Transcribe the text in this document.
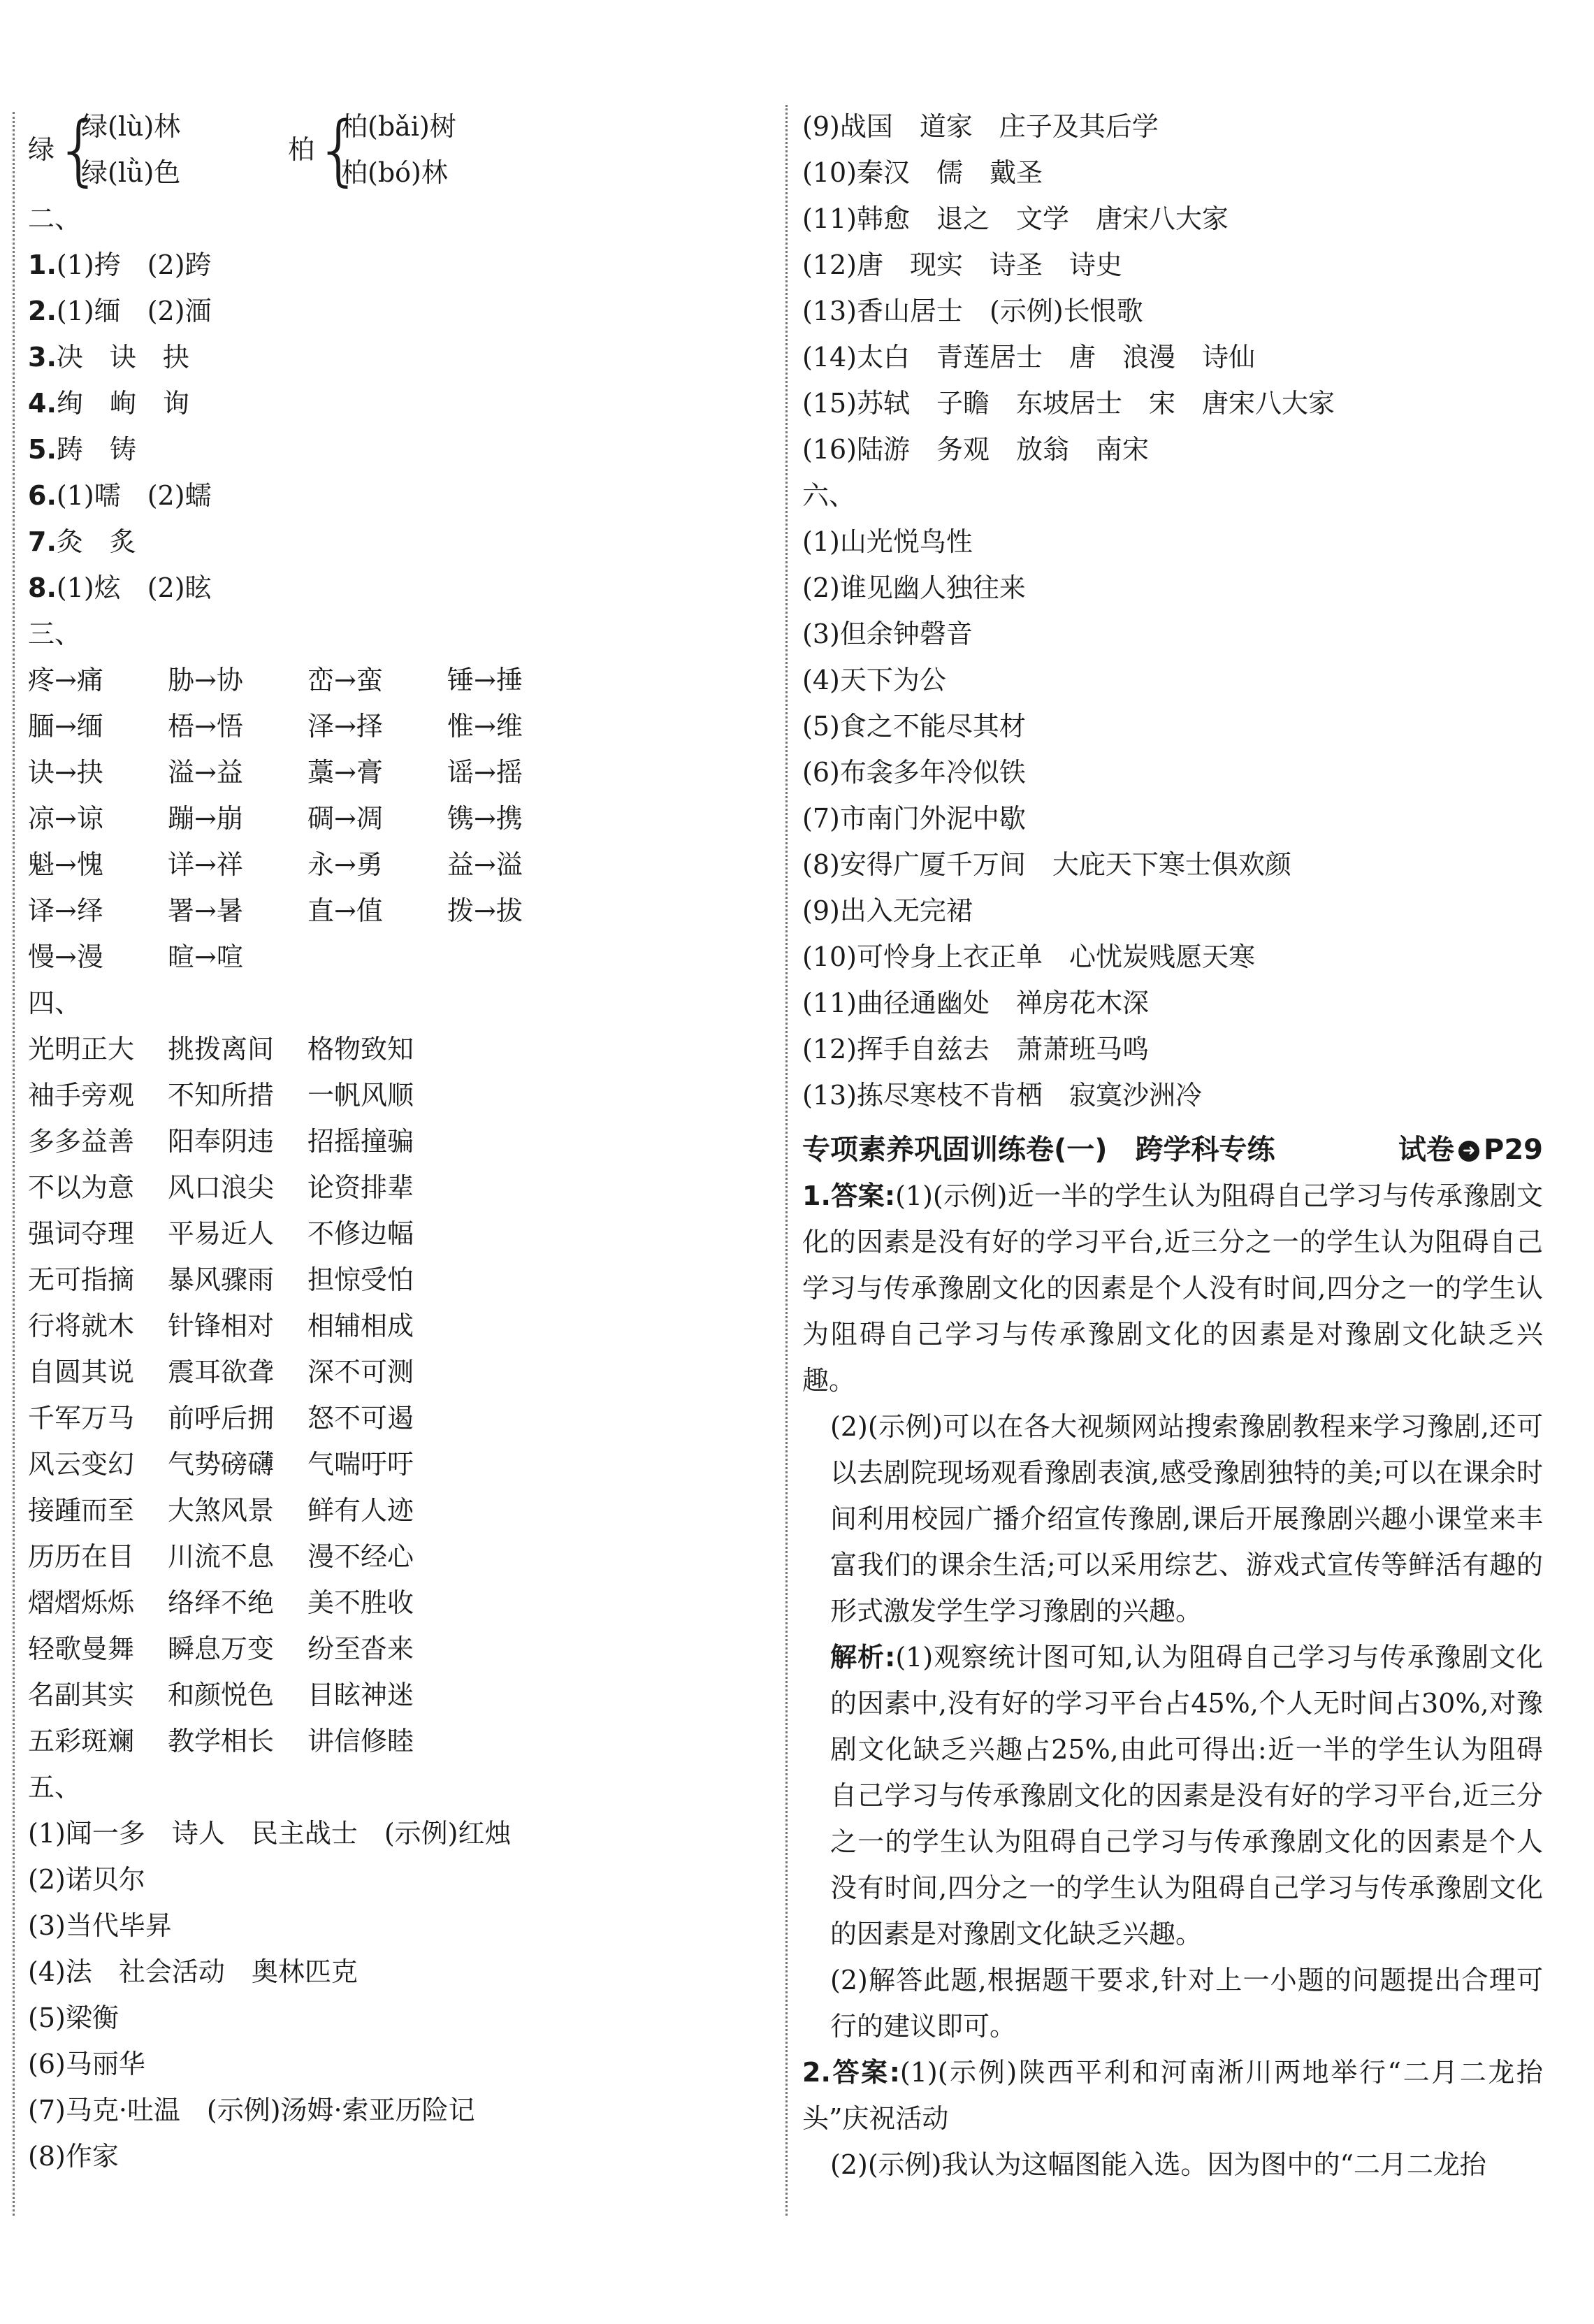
绿 {
绿(lù)林
绿(lǜ)色
柏 {
柏(bǎi)树
柏(bó)林
二、
1.(1)挎　(2)跨
2.(1)缅　(2)湎
3.决　诀　抉
4.绚　峋　询
5.踌　铸
6.(1)嚅　(2)蠕
7.灸　炙
8.(1)炫　(2)眩
三、
疼→痛	胁→协	峦→蛮	锤→捶
腼→缅	梧→悟	泽→择	惟→维
诀→抉	溢→益	藁→膏	谣→摇
凉→谅	蹦→崩	碉→凋	镌→携
魁→愧	详→祥	永→勇	益→溢
译→绎	署→暑	直→值	拨→拔
慢→漫	暄→喧
四、
光明正大	挑拨离间	格物致知
袖手旁观	不知所措	一帆风顺
多多益善	阳奉阴违	招摇撞骗
不以为意	风口浪尖	论资排辈
强词夺理	平易近人	不修边幅
无可指摘	暴风骤雨	担惊受怕
行将就木	针锋相对	相辅相成
自圆其说	震耳欲聋	深不可测
千军万马	前呼后拥	怒不可遏
风云变幻	气势磅礴	气喘吁吁
接踵而至	大煞风景	鲜有人迹
历历在目	川流不息	漫不经心
熠熠烁烁	络绎不绝	美不胜收
轻歌曼舞	瞬息万变	纷至沓来
名副其实	和颜悦色	目眩神迷
五彩斑斓	教学相长	讲信修睦
五、
(1)闻一多　诗人　民主战士　(示例)红烛
(2)诺贝尔
(3)当代毕昇
(4)法　社会活动　奥林匹克
(5)梁衡
(6)马丽华
(7)马克·吐温　(示例)汤姆·索亚历险记
(8)作家
(9)战国　道家　庄子及其后学
(10)秦汉　儒　戴圣
(11)韩愈　退之　文学　唐宋八大家
(12)唐　现实　诗圣　诗史
(13)香山居士　(示例)长恨歌
(14)太白　青莲居士　唐　浪漫　诗仙
(15)苏轼　子瞻　东坡居士　宋　唐宋八大家
(16)陆游　务观　放翁　南宋
六、
(1)山光悦鸟性
(2)谁见幽人独往来
(3)但余钟磬音
(4)天下为公
(5)食之不能尽其材
(6)布衾多年冷似铁
(7)市南门外泥中歇
(8)安得广厦千万间　大庇天下寒士俱欢颜
(9)出入无完裙
(10)可怜身上衣正单　心忧炭贱愿天寒
(11)曲径通幽处　禅房花木深
(12)挥手自兹去　萧萧班马鸣
(13)拣尽寒枝不肯栖　寂寞沙洲冷
专项素养巩固训练卷(一)　跨学科专练	试卷 ➜ P29
1.答案:(1)(示例)近一半的学生认为阻碍自己学习与传承豫剧文化的因素是没有好的学习平台,近三分之一的学生认为阻碍自己学习与传承豫剧文化的因素是个人没有时间,四分之一的学生认为阻碍自己学习与传承豫剧文化的因素是对豫剧文化缺乏兴趣。
(2)(示例)可以在各大视频网站搜索豫剧教程来学习豫剧,还可以去剧院现场观看豫剧表演,感受豫剧独特的美;可以在课余时间利用校园广播介绍宣传豫剧,课后开展豫剧兴趣小课堂来丰富我们的课余生活;可以采用综艺、游戏式宣传等鲜活有趣的形式激发学生学习豫剧的兴趣。
解析:(1)观察统计图可知,认为阻碍自己学习与传承豫剧文化的因素中,没有好的学习平台占45%,个人无时间占30%,对豫剧文化缺乏兴趣占25%,由此可得出:近一半的学生认为阻碍自己学习与传承豫剧文化的因素是没有好的学习平台,近三分之一的学生认为阻碍自己学习与传承豫剧文化的因素是个人没有时间,四分之一的学生认为阻碍自己学习与传承豫剧文化的因素是对豫剧文化缺乏兴趣。
(2)解答此题,根据题干要求,针对上一小题的问题提出合理可行的建议即可。
2.答案:(1)(示例)陕西平利和河南淅川两地举行“二月二龙抬头”庆祝活动
(2)(示例)我认为这幅图能入选。因为图中的“二月二龙抬
